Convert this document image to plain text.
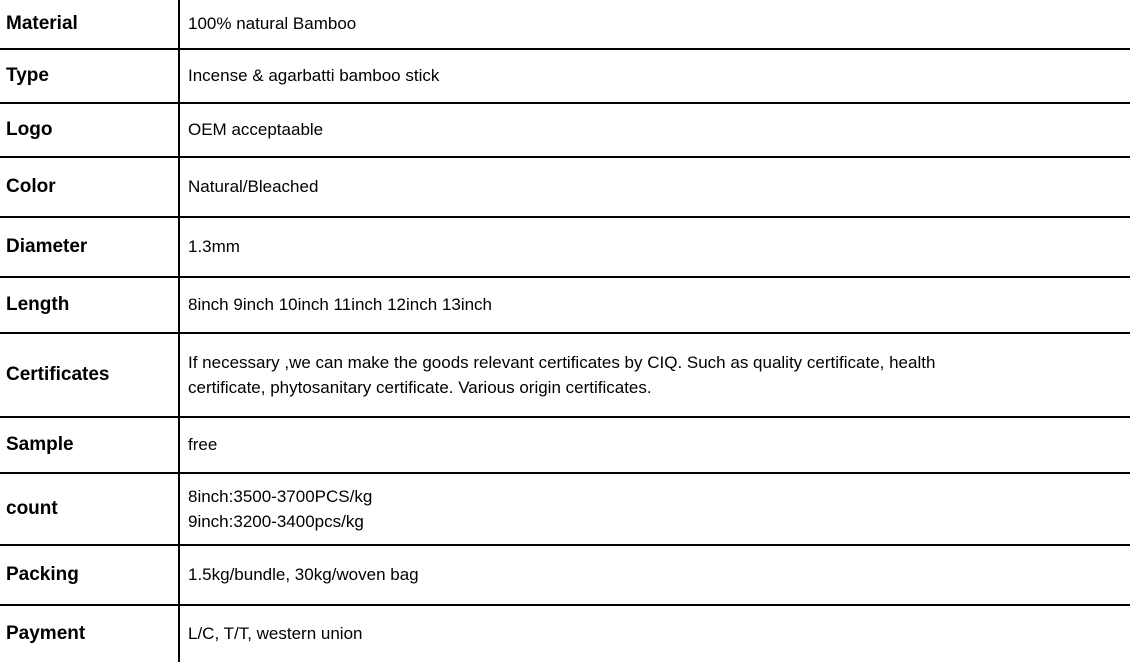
Material	100% natural Bamboo

Type	Incense & agarbatti bamboo stick

Logo	OEM acceptaable

Color	Natural/Bleached

Diameter	1.3mm

Length	8inch 9inch 10inch 11inch 12inch 13inch

Certificates	If necessary ,we can make the goods relevant certificates by CIQ. Such as quality certificate, health
certificate, phytosanitary certificate. Various origin certificates.

Sample	free

count	8inch:3500-3700PCS/kg
9inch:3200-3400pcs/kg

Packing	1.5kg/bundle, 30kg/woven bag

Payment	L/C, T/T, western union
